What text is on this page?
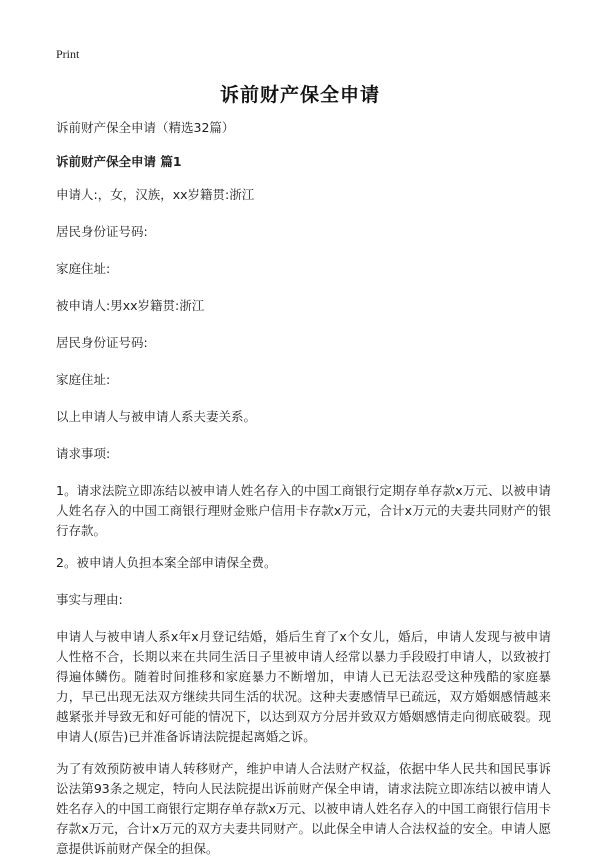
Print
诉前财产保全申请

诉前财产保全申请（精选32篇）

诉前财产保全申请 篇1

申请人:，女，汉族，xx岁籍贯:浙江

居民身份证号码:

家庭住址:

被申请人:男xx岁籍贯:浙江

居民身份证号码:

家庭住址:

以上申请人与被申请人系夫妻关系。

请求事项:

1。请求法院立即冻结以被申请人姓名存入的中国工商银行定期存单存款x万元、以被申请人姓名存入的中国工商银行理财金账户信用卡存款x万元，合计x万元的夫妻共同财产的银行存款。

2。被申请人负担本案全部申请保全费。

事实与理由:

申请人与被申请人系x年x月登记结婚，婚后生育了x个女儿，婚后，申请人发现与被申请人性格不合，长期以来在共同生活日子里被申请人经常以暴力手段殴打申请人，以致被打得遍体鳞伤。随着时间推移和家庭暴力不断增加，申请人已无法忍受这种残酷的家庭暴力，早已出现无法双方继续共同生活的状况。这种夫妻感情早已疏远，双方婚姻感情越来越紧张并导致无和好可能的情况下，以达到双方分居并致双方婚姻感情走向彻底破裂。现申请人(原告)已并准备诉请法院提起离婚之诉。

为了有效预防被申请人转移财产，维护申请人合法财产权益，依据中华人民共和国民事诉讼法第93条之规定，特向人民法院提出诉前财产保全申请，请求法院立即冻结以被申请人姓名存入的中国工商银行定期存单存款x万元、以被申请人姓名存入的中国工商银行信用卡存款x万元，合计x万元的双方夫妻共同财产。以此保全申请人合法权益的安全。申请人愿意提供诉前财产保全的担保。
